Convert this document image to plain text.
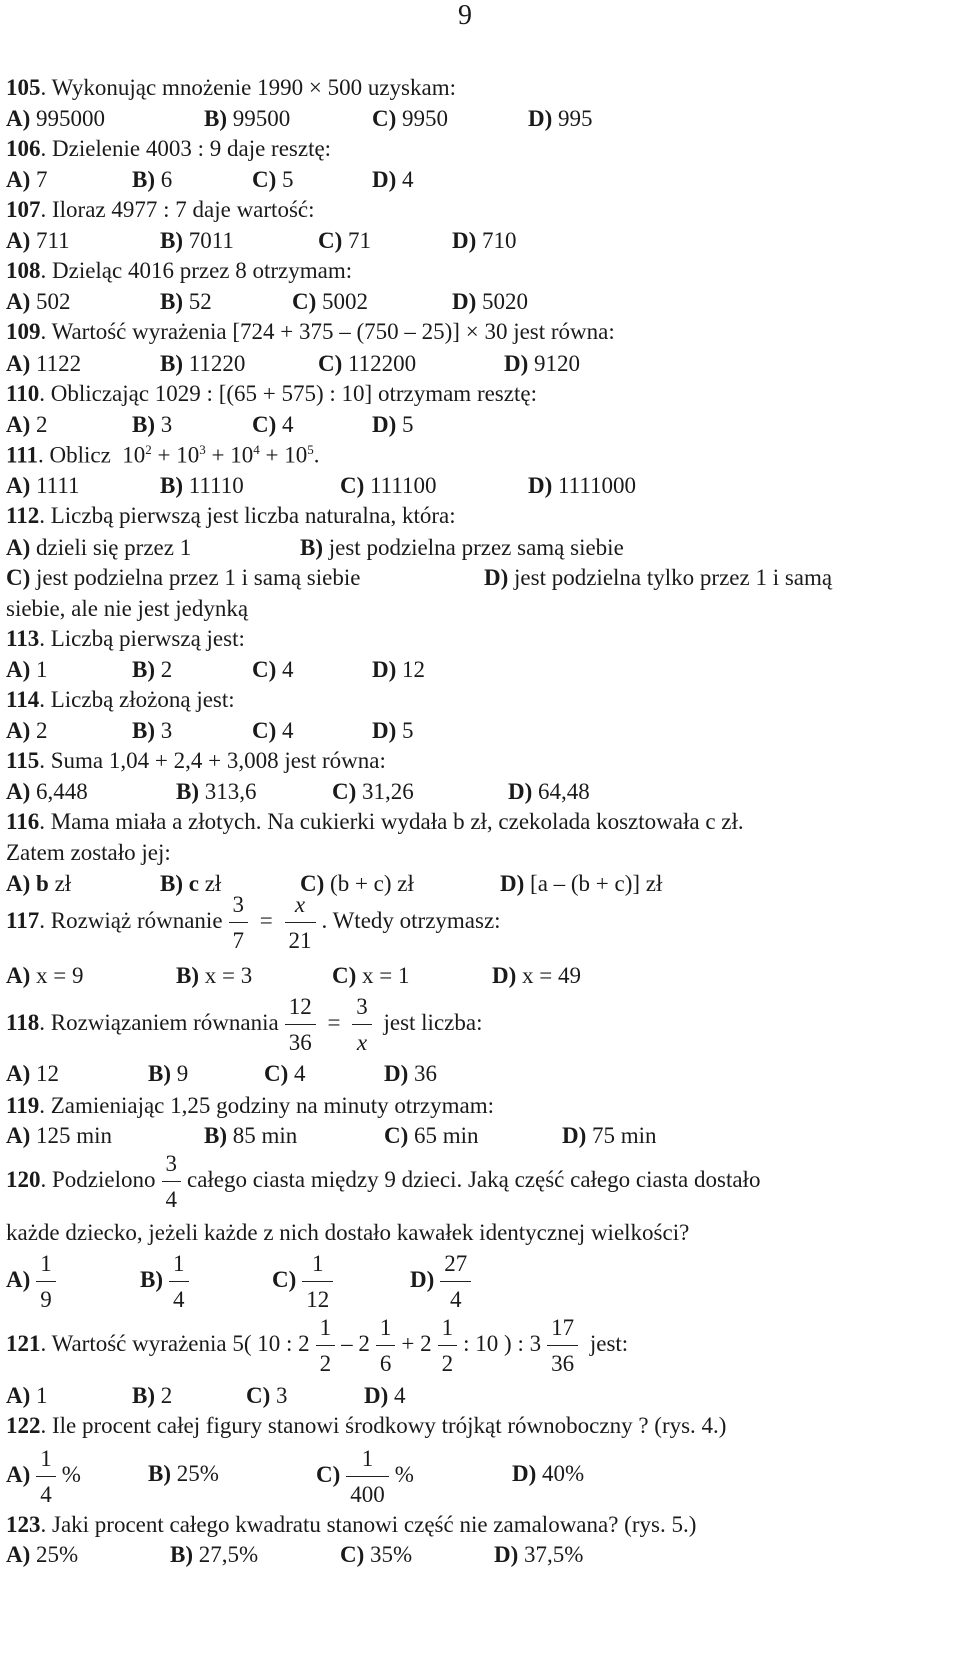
9
105. Wykonując mnożenie 1990 × 500 uzyskam:
A) 995000	B) 99500	C) 9950	D) 995
106. Dzielenie 4003 : 9 daje resztę:
A) 7	B) 6	C) 5	D) 4
107. Iloraz 4977 : 7 daje wartość:
A) 711	B) 7011	C) 71	D) 710
108. Dzieląc 4016 przez 8 otrzymam:
A) 502	B) 52	C) 5002	D) 5020
109. Wartość wyrażenia [724 + 375 – (750 – 25)] × 30 jest równa:
A) 1122	B) 11220	C) 112200	D) 9120
110. Obliczając 1029 : [(65 + 575) : 10] otrzymam resztę:
A) 2	B) 3	C) 4	D) 5
111. Oblicz $10^2 + 10^3 + 10^4 + 10^5$.
A) 1111	B) 11110	C) 111100	D) 1111000
112. Liczbą pierwszą jest liczba naturalna, która:
A) dzieli się przez 1	B) jest podzielna przez samą siebie
C) jest podzielna przez 1 i samą siebie	D) jest podzielna tylko przez 1 i samą
siebie, ale nie jest jedynką
113. Liczbą pierwszą jest:
A) 1	B) 2	C) 4	D) 12
114. Liczbą złożoną jest:
A) 2	B) 3	C) 4	D) 5
115. Suma 1,04 + 2,4 + 3,008 jest równa:
A) 6,448	B) 313,6	C) 31,26	D) 64,48
116. Mama miała a złotych. Na cukierki wydała b zł, czekolada kosztowała c zł.
Zatem zostało jej:
A) b zł	B) c zł	C) (b + c) zł	D) [a – (b + c)] zł
117. Rozwiąż równanie $\frac{3}{7} = \frac{x}{21}$ . Wtedy otrzymasz:
A) x = 9	B) x = 3	C) x = 1	D) x = 49
118. Rozwiązaniem równania $\frac{12}{36} = \frac{3}{x}$ jest liczba:
A) 12	B) 9	C) 4	D) 36
119. Zamieniając 1,25 godziny na minuty otrzymam:
A) 125 min	B) 85 min	C) 65 min	D) 75 min
120. Podzielono $\frac{3}{4}$ całego ciasta między 9 dzieci. Jaką część całego ciasta dostało
każde dziecko, jeżeli każde z nich dostało kawałek identycznej wielkości?
$A) \frac{1}{9}$	$B) \frac{1}{4}$	$C) \frac{1}{12}$	$D) \frac{27}{4}$
121. Wartość wyrażenia 5( 10 : $2 \frac{1}{2} - 2 \frac{1}{6} + 2 \frac{1}{2}$ : 10 ) : $3 \frac{17}{36}$ jest:
A) 1	B) 2	C) 3	D) 4
122. Ile procent całej figury stanowi środkowy trójkąt równoboczny ? (rys. 4.)
$A) \frac{1}{4}$ %	B) 25%	$C) \frac{1}{400}$ %	D) 40%
123. Jaki procent całego kwadratu stanowi część nie zamalowana? (rys. 5.)
A) 25%	B) 27,5%	C) 35%	D) 37,5%
